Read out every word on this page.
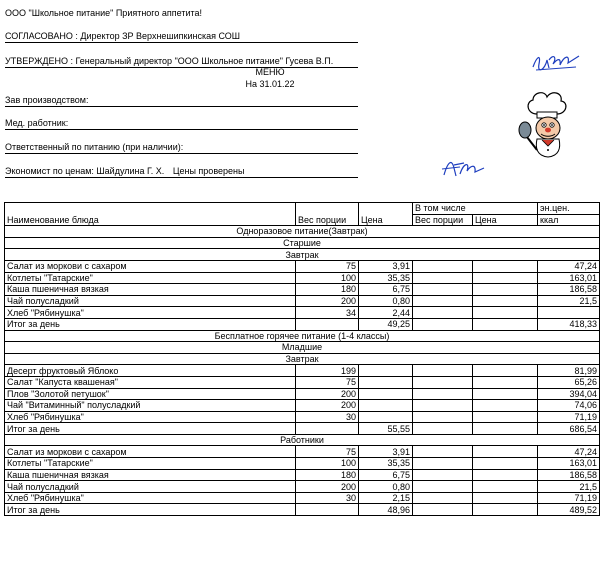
ООО "Школьное питание" Приятного аппетита!
СОГЛАСОВАНО : Директор ЗР Верхнешипкинская СОШ
УТВЕРЖДЕНО : Генеральный директор "ООО Школьное питание" Гусева В.П.
МЕНЮ
На 31.01.22
Зав производством:
Мед. работник:
Ответственный по питанию (при наличии):
Экономист по ценам: Шайдулина Г. Х. Цены проверены
Наименование блюда	Вес порции	Цена	В том числе		эн.цен.
			Вес порции	Цена	ккал
Одноразовое питание(Завтрак)					
Старшие					
Завтрак					
Салат из моркови с сахаром	75	3,91			47,24
Котлеты "Татарские"	100	35,35			163,01
Каша пшеничная вязкая	180	6,75			186,58
Чай полусладкий	200	0,80			21,5
Хлеб "Рябинушка"	34	2,44			
Итог за день		49,25			418,33
Бесплатное горячее питание (1-4 классы)					
Младшие					
Завтрак					
Десерт фруктовый Яблоко	199				81,99
Салат "Капуста квашеная"	75				65,26
Плов "Золотой петушок"	200				394,04
Чай "Витаминный" полусладкий	200				74,06
Хлеб "Рябинушка"	30				71,19
Итог за день		55,55			686,54
Работники					
Салат из моркови с сахаром	75	3,91			47,24
Котлеты "Татарские"	100	35,35			163,01
Каша пшеничная вязкая	180	6,75			186,58
Чай полусладкий	200	0,80			21,5
Хлеб "Рябинушка"	30	2,15			71,19
Итог за день		48,96			489,52
